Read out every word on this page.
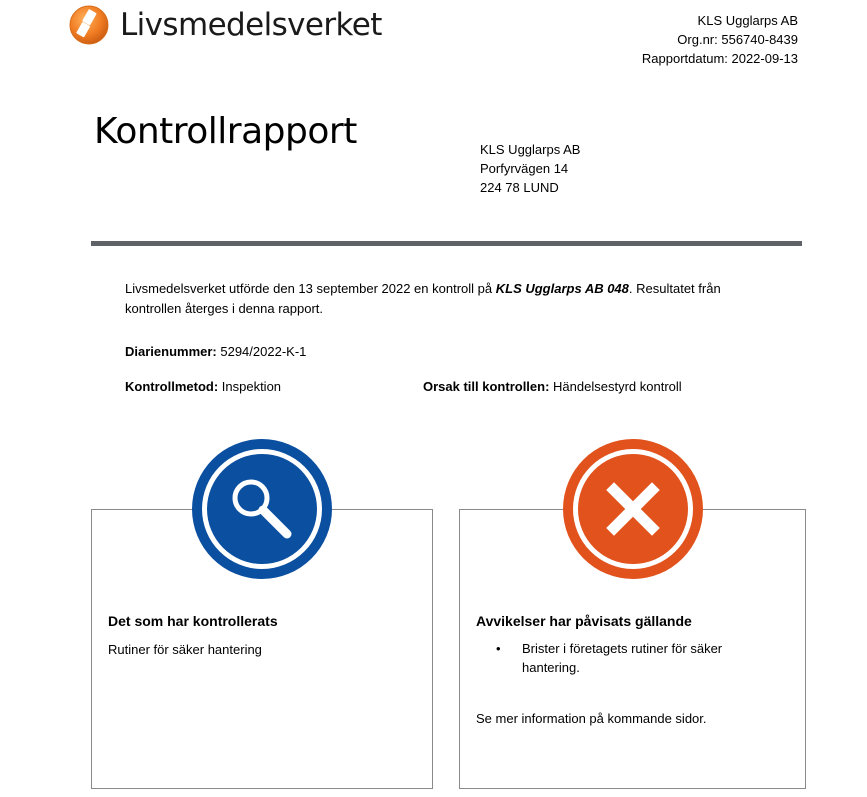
Livsmedelsverket	KLS Ugglarps AB
Org.nr: 556740-8439
Rapportdatum: 2022-09-13
Kontrollrapport	KLS Ugglarps AB
Porfyrvägen 14
224 78 LUND

Livsmedelsverket utförde den 13 september 2022 en kontroll på KLS Ugglarps AB 048. Resultatet från kontrollen återges i denna rapport.

Diarienummer: 5294/2022-K-1
Kontrollmetod: Inspektion	Orsak till kontrollen: Händelsestyrd kontroll
Det som har kontrollerats
Rutiner för säker hantering
Avvikelser har påvisats gällande
• Brister i företagets rutiner för säker hantering.
Se mer information på kommande sidor.
